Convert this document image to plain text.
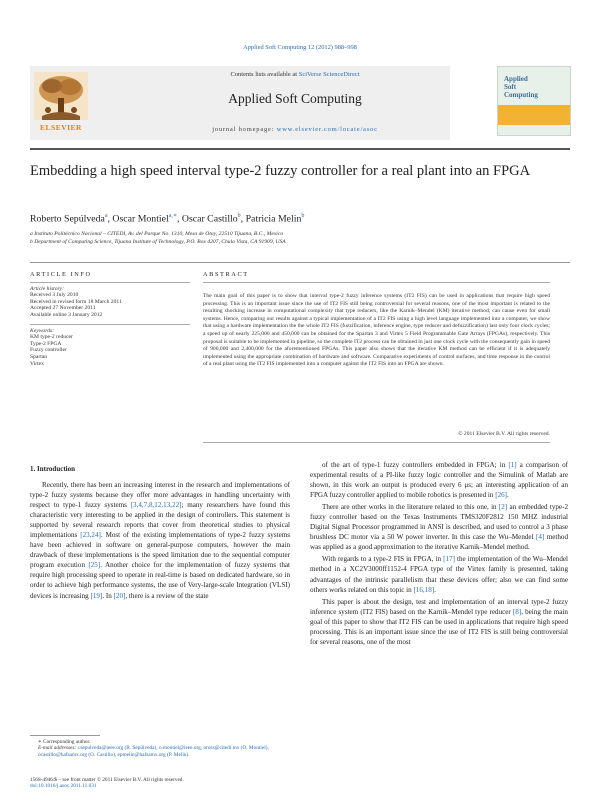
Applied Soft Computing 12 (2012) 988–998
ELSEVIER
Contents lists available at SciVerse ScienceDirect
Applied Soft Computing
journal homepage: www.elsevier.com/locate/asoc
Applied
Soft
Computing
Embedding a high speed interval type-2 fuzzy controller for a real plant into an FPGA
Roberto Sepúlveda$^a$, Oscar Montiel$^{a,∗}$, Oscar Castillo$^b$, Patricia Melin$^b$
a Instituto Politécnico Nacional – CITEDI, Av. del Parque No. 1310, Mesa de Otay, 22510 Tijuana, B.C., Mexico
b Department of Computing Science, Tijuana Institute of Technology, P.O. Box 4207, Chula Vista, CA 91909, USA
ARTICLE INFO
Article history:
Received 3 July 2010
Received in revised form 18 March 2011
Accepted 27 November 2011
Available online 3 January 2012
Keywords:
KM type-2 reducer
Type-2 FPGA
Fuzzy controller
Spartan
Virtex
ABSTRACT
The main goal of this paper is to show that interval type-2 fuzzy inference systems (IT2 FIS) can be used in applications that require high speed processing. This is an important issue since the use of IT2 FIS still being controversial for several reasons, one of the most important is related to the resulting shocking increase in computational complexity that type reducers, like the Karnik–Mendel (KM) iterative method, can cause even for small systems. Hence, comparing our results against a typical implementation of a IT2 FIS using a high level language implemented into a computer, we show that using a hardware implementation the the whole IT2 FIS (fuzzification, inference engine, type reducer and defuzzification) last only four clock cycles; a speed up of nearly 225,000 and 450,000 can be obtained for the Spartan 3 and Virtex 5 Field Programmable Gate Arrays (FPGAs), respectively. This proposal is suitable to be implemented in pipeline, so the complete IT2 process can be obtained in just one clock cycle with the consequently gain in speed of 900,000 and 2,400,000 for the aforementioned FPGAs. This paper also shows that the iterative KM method can be efficient if it is adequately implemented using the appropriate combination of hardware and software. Comparative experiments of control surfaces, and time response in the control of a real plant using the IT2 FIS implemented into a computer against the IT2 FIS into an FPGA are shown.
© 2011 Elsevier B.V. All rights reserved.
1. Introduction

Recently, there has been an increasing interest in the research and implementations of type-2 fuzzy systems because they offer more advantages in handling uncertainty with respect to type-1 fuzzy systems [3,4,7,8,12,13,22]; many researchers have found this characteristic very interesting to be applied in the design of controllers. This statement is supported by several research reports that cover from theoretical studies to physical implementations [23,24]. Most of the existing implementations of type-2 fuzzy systems have been achieved in software on general-purpose computers, however the main drawback of these implementations is the speed limitation due to the sequential computer program execution [25]. Another choice for the implementation of fuzzy systems that require high processing speed to operate in real-time is based on dedicated hardware, so in order to achieve high performance systems, the use of Very-large-scale Integration (VLSI) devices is increasing [19]. In [20], there is a review of the state

of the art of type-1 fuzzy controllers embedded in FPGA; in [1] a comparison of experimental results of a PI-like fuzzy logic controller and the Simulink of Matlab are shown, in this work an output is produced every 6 μs; an interesting application of an FPGA fuzzy controller applied to mobile robotics is presented in [26].

There are other works in the literature related to this one, in [2] an embedded type-2 fuzzy controller based on the Texas Instruments TMS320F2812 150 MHZ industrial Digital Signal Processor programmed in ANSI is described, and used to control a 3 phase brushless DC motor via a 50 W power inverter. In this case the Wu–Mendel [4] method was applied as a good approximation to the iterative Karnik–Mendel method.

With regards to a type-2 FIS in FPGA, in [17] the implementation of the Wu–Mendel method in a XC2V3000ff1152-4 FPGA type of the Virtex family is presented, taking advantages of the intrinsic parallelism that these devices offer; also we can find some others works related on this topic in [16,18].

This paper is about the design, test and implementation of an interval type-2 fuzzy inference system (IT2 FIS) based on the Karnik–Mendel type reducer [8], being the main goal of this paper to show that IT2 FIS can be used in applications that require high speed processing. This is an important issue since the use of IT2 FIS is still being controversial for several reasons, one of the most

∗ Corresponding author.
E-mail addresses: r.sepulveda@ieee.org (R. Sepúlveda), o.montiel@ieee.org, oross@citedi.mx (O. Montiel), ocastillo@hafsamx.org (O. Castillo), epmelin@hafsamx.org (P. Melin).
1568-4946/$ – see front matter © 2011 Elsevier B.V. All rights reserved.
doi:10.1016/j.asoc.2011.11.031
